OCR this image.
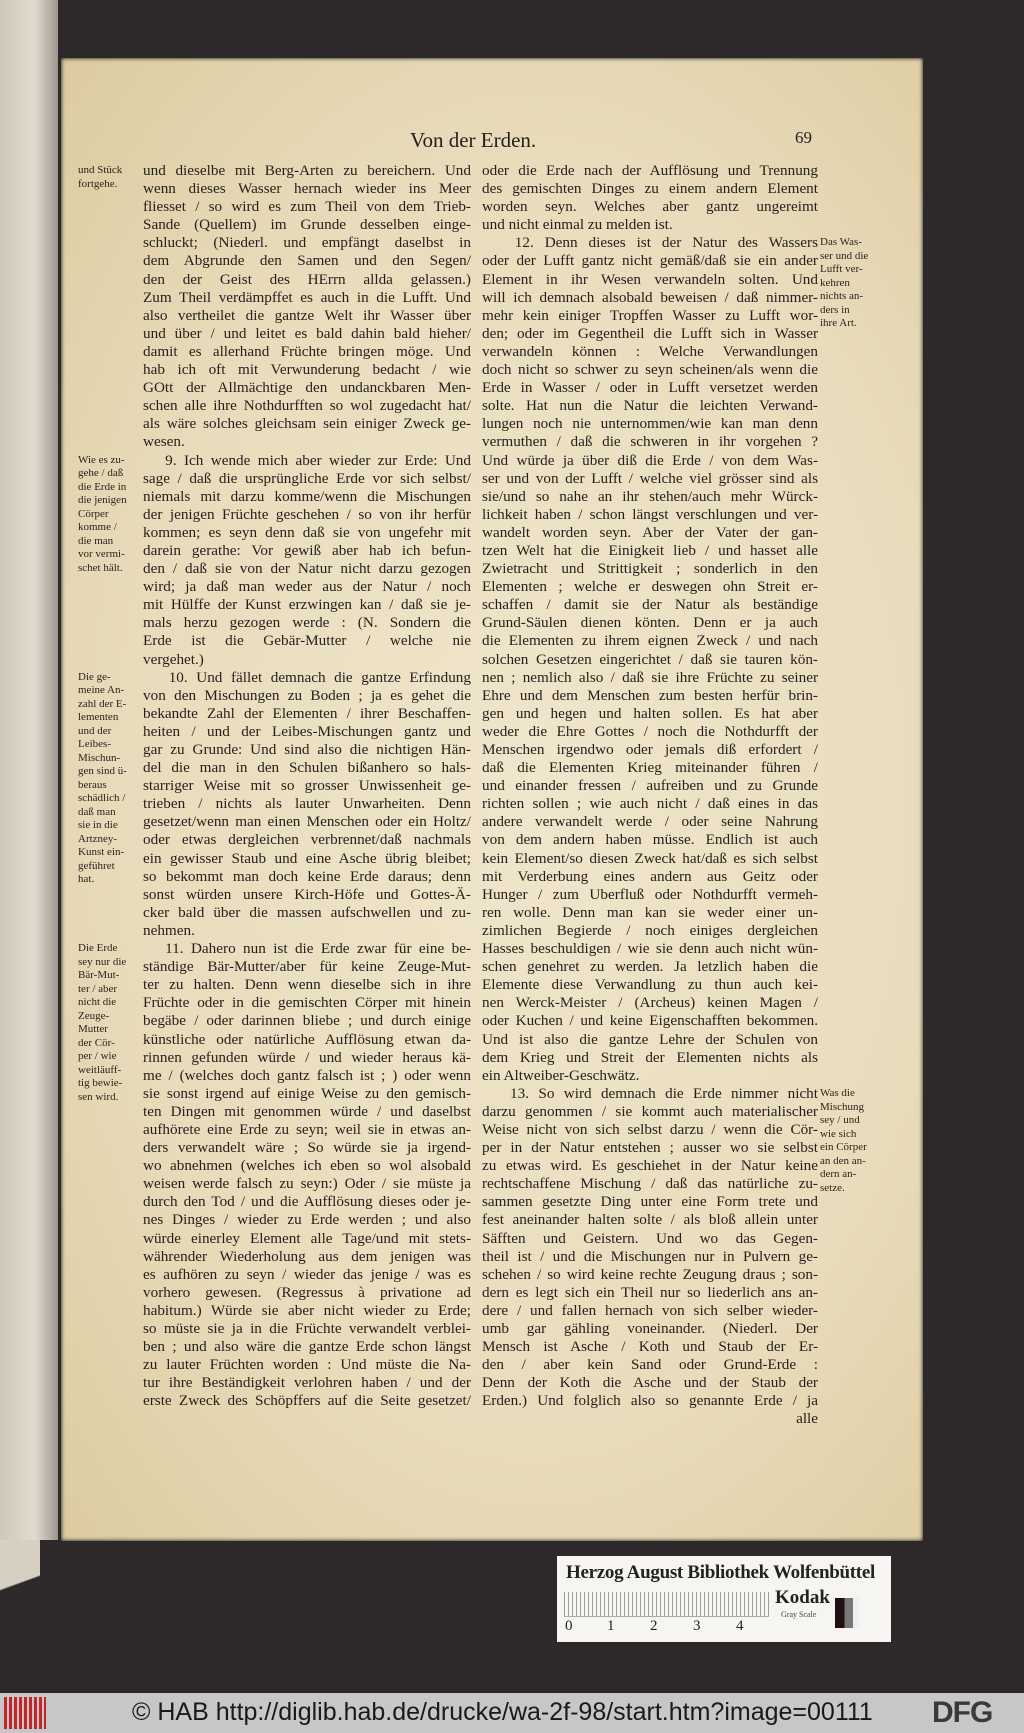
Von der Erden.	69
und dieselbe mit Berg-Arten zu bereichern. Und
wenn dieses Wasser hernach wieder ins Meer
fliesset / so wird es zum Theil von dem Trieb-
Sande (Quellem) im Grunde desselben einge-
schluckt; (Niederl. und empfängt daselbst in
dem Abgrunde den Samen und den Segen/
den der Geist des HErrn allda gelassen.)
Zum Theil verdämpffet es auch in die Lufft. Und
also vertheilet die gantze Welt ihr Wasser über
und über / und leitet es bald dahin bald hieher/
damit es allerhand Früchte bringen möge. Und
hab ich oft mit Verwunderung bedacht / wie
GOtt der Allmächtige den undanckbaren Men-
schen alle ihre Nothdurfften so wol zugedacht hat/
als wäre solches gleichsam sein einiger Zweck ge-
wesen.
9. Ich wende mich aber wieder zur Erde: Und
sage / daß die ursprüngliche Erde vor sich selbst/
niemals mit darzu komme/wenn die Mischungen
der jenigen Früchte geschehen / so von ihr herfür
kommen; es seyn denn daß sie von ungefehr mit
darein gerathe: Vor gewiß aber hab ich befun-
den / daß sie von der Natur nicht darzu gezogen
wird; ja daß man weder aus der Natur / noch
mit Hülffe der Kunst erzwingen kan / daß sie je-
mals herzu gezogen werde : (N. Sondern die
Erde ist die Gebär-Mutter / welche nie
vergehet.)
10. Und fället demnach die gantze Erfindung
von den Mischungen zu Boden ; ja es gehet die
bekandte Zahl der Elementen / ihrer Beschaffen-
heiten / und der Leibes-Mischungen gantz und
gar zu Grunde: Und sind also die nichtigen Hän-
del die man in den Schulen bißanhero so hals-
starriger Weise mit so grosser Unwissenheit ge-
trieben / nichts als lauter Unwarheiten. Denn
gesetzet/wenn man einen Menschen oder ein Holtz/
oder etwas dergleichen verbrennet/daß nachmals
ein gewisser Staub und eine Asche übrig bleibet;
so bekommt man doch keine Erde daraus; denn
sonst würden unsere Kirch-Höfe und Gottes-Ä-
cker bald über die massen aufschwellen und zu-
nehmen.
11. Dahero nun ist die Erde zwar für eine be-
ständige Bär-Mutter/aber für keine Zeuge-Mut-
ter zu halten. Denn wenn dieselbe sich in ihre
Früchte oder in die gemischten Cörper mit hinein
begäbe / oder darinnen bliebe ; und durch einige
künstliche oder natürliche Aufflösung etwan da-
rinnen gefunden würde / und wieder heraus kä-
me / (welches doch gantz falsch ist ; ) oder wenn
sie sonst irgend auf einige Weise zu den gemisch-
ten Dingen mit genommen würde / und daselbst
aufhörete eine Erde zu seyn; weil sie in etwas an-
ders verwandelt wäre ; So würde sie ja irgend-
wo abnehmen (welches ich eben so wol alsobald
weisen werde falsch zu seyn:) Oder / sie müste ja
durch den Tod / und die Aufflösung dieses oder je-
nes Dinges / wieder zu Erde werden ; und also
würde einerley Element alle Tage/und mit stets-
währender Wiederholung aus dem jenigen was
es aufhören zu seyn / wieder das jenige / was es
vorhero gewesen. (Regressus à privatione ad
habitum.) Würde sie aber nicht wieder zu Erde;
so müste sie ja in die Früchte verwandelt verblei-
ben ; und also wäre die gantze Erde schon längst
zu lauter Früchten worden : Und müste die Na-
tur ihre Beständigkeit verlohren haben / und der
erste Zweck des Schöpffers auf die Seite gesetzet/
oder die Erde nach der Aufflösung und Trennung
des gemischten Dinges zu einem andern Element
worden seyn. Welches aber gantz ungereimt
und nicht einmal zu melden ist.
12. Denn dieses ist der Natur des Wassers
oder der Lufft gantz nicht gemäß/daß sie ein ander
Element in ihr Wesen verwandeln solten. Und
will ich demnach alsobald beweisen / daß nimmer-
mehr kein einiger Tropffen Wasser zu Lufft wor-
den; oder im Gegentheil die Lufft sich in Wasser
verwandeln können : Welche Verwandlungen
doch nicht so schwer zu seyn scheinen/als wenn die
Erde in Wasser / oder in Lufft versetzet werden
solte. Hat nun die Natur die leichten Verwand-
lungen noch nie unternommen/wie kan man denn
vermuthen / daß die schweren in ihr vorgehen ?
Und würde ja über diß die Erde / von dem Was-
ser und von der Lufft / welche viel grösser sind als
sie/und so nahe an ihr stehen/auch mehr Würck-
lichkeit haben / schon längst verschlungen und ver-
wandelt worden seyn. Aber der Vater der gan-
tzen Welt hat die Einigkeit lieb / und hasset alle
Zwietracht und Strittigkeit ; sonderlich in den
Elementen ; welche er deswegen ohn Streit er-
schaffen / damit sie der Natur als beständige
Grund-Säulen dienen könten. Denn er ja auch
die Elementen zu ihrem eignen Zweck / und nach
solchen Gesetzen eingerichtet / daß sie tauren kön-
nen ; nemlich also / daß sie ihre Früchte zu seiner
Ehre und dem Menschen zum besten herfür brin-
gen und hegen und halten sollen. Es hat aber
weder die Ehre Gottes / noch die Nothdurfft der
Menschen irgendwo oder jemals diß erfordert /
daß die Elementen Krieg miteinander führen /
und einander fressen / aufreiben und zu Grunde
richten sollen ; wie auch nicht / daß eines in das
andere verwandelt werde / oder seine Nahrung
von dem andern haben müsse. Endlich ist auch
kein Element/so diesen Zweck hat/daß es sich selbst
mit Verderbung eines andern aus Geitz oder
Hunger / zum Uberfluß oder Nothdurfft vermeh-
ren wolle. Denn man kan sie weder einer un-
zimlichen Begierde / noch einiges dergleichen
Hasses beschuldigen / wie sie denn auch nicht wün-
schen genehret zu werden. Ja letzlich haben die
Elemente diese Verwandlung zu thun auch kei-
nen Werck-Meister / (Archeus) keinen Magen /
oder Kuchen / und keine Eigenschafften bekommen.
Und ist also die gantze Lehre der Schulen von
dem Krieg und Streit der Elementen nichts als
ein Altweiber-Geschwätz.
13. So wird demnach die Erde nimmer nicht
darzu genommen / sie kommt auch materialischer
Weise nicht von sich selbst darzu / wenn die Cör-
per in der Natur entstehen ; ausser wo sie selbst
zu etwas wird. Es geschiehet in der Natur keine
rechtschaffene Mischung / daß das natürliche zu-
sammen gesetzte Ding unter eine Form trete und
fest aneinander halten solte / als bloß allein unter
Säfften und Geistern. Und wo das Gegen-
theil ist / und die Mischungen nur in Pulvern ge-
schehen / so wird keine rechte Zeugung draus ; son-
dern es legt sich ein Theil nur so liederlich ans an-
dere / und fallen hernach von sich selber wieder-
umb gar gähling voneinander. (Niederl. Der
Mensch ist Asche / Koth und Staub der Er-
den / aber kein Sand oder Grund-Erde :
Denn der Koth die Asche und der Staub der
Erden.) Und folglich also so genannte Erde / ja
alle
und Stück
fortgehe.
Wie es zu-
gehe / daß
die Erde in
die jenigen
Cörper
komme /
die man
vor vermi-
schet hält.
Die ge-
meine An-
zahl der E-
lementen
und der
Leibes-
Mischun-
gen sind ü-
beraus
schädlich /
daß man
sie in die
Artzney-
Kunst ein-
geführet
hat.
Die Erde
sey nur die
Bär-Mut-
ter / aber
nicht die
Zeuge-
Mutter
der Cör-
per / wie
weitläuff-
tig bewie-
sen wird.
Das Was-
ser und die
Lufft ver-
kehren
nichts an-
ders in
ihre Art.
Was die
Mischung
sey / und
wie sich
ein Cörper
an den an-
dern an-
setze.
Herzog August Bibliothek Wolfenbüttel
0 1 2 3 4
Kodak
Gray Scale
© HAB http://diglib.hab.de/drucke/wa-2f-98/start.htm?image=00111 DFG
